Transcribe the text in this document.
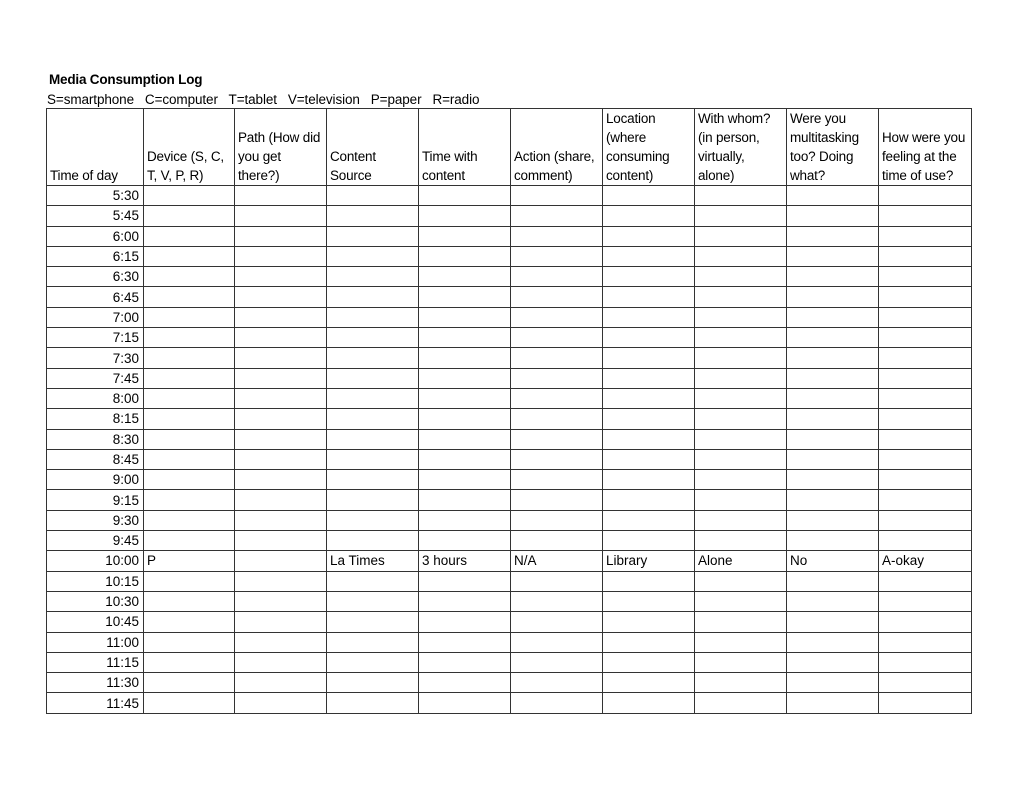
Media Consumption Log
S=smartphone   C=computer   T=tablet   V=television   P=paper   R=radio
Time of day	Device (S, C, T, V, P, R)	Path (How did you get there?)	Content Source	Time with content	Action (share, comment)	Location (where consuming content)	With whom? (in person, virtually, alone)	Were you multitasking too? Doing what?	How were you feeling at the time of use?
5:30									
5:45									
6:00									
6:15									
6:30									
6:45									
7:00									
7:15									
7:30									
7:45									
8:00									
8:15									
8:30									
8:45									
9:00									
9:15									
9:30									
9:45									
10:00	P		La Times	3 hours	N/A	Library	Alone	No	A-okay
10:15									
10:30									
10:45									
11:00									
11:15									
11:30									
11:45									
